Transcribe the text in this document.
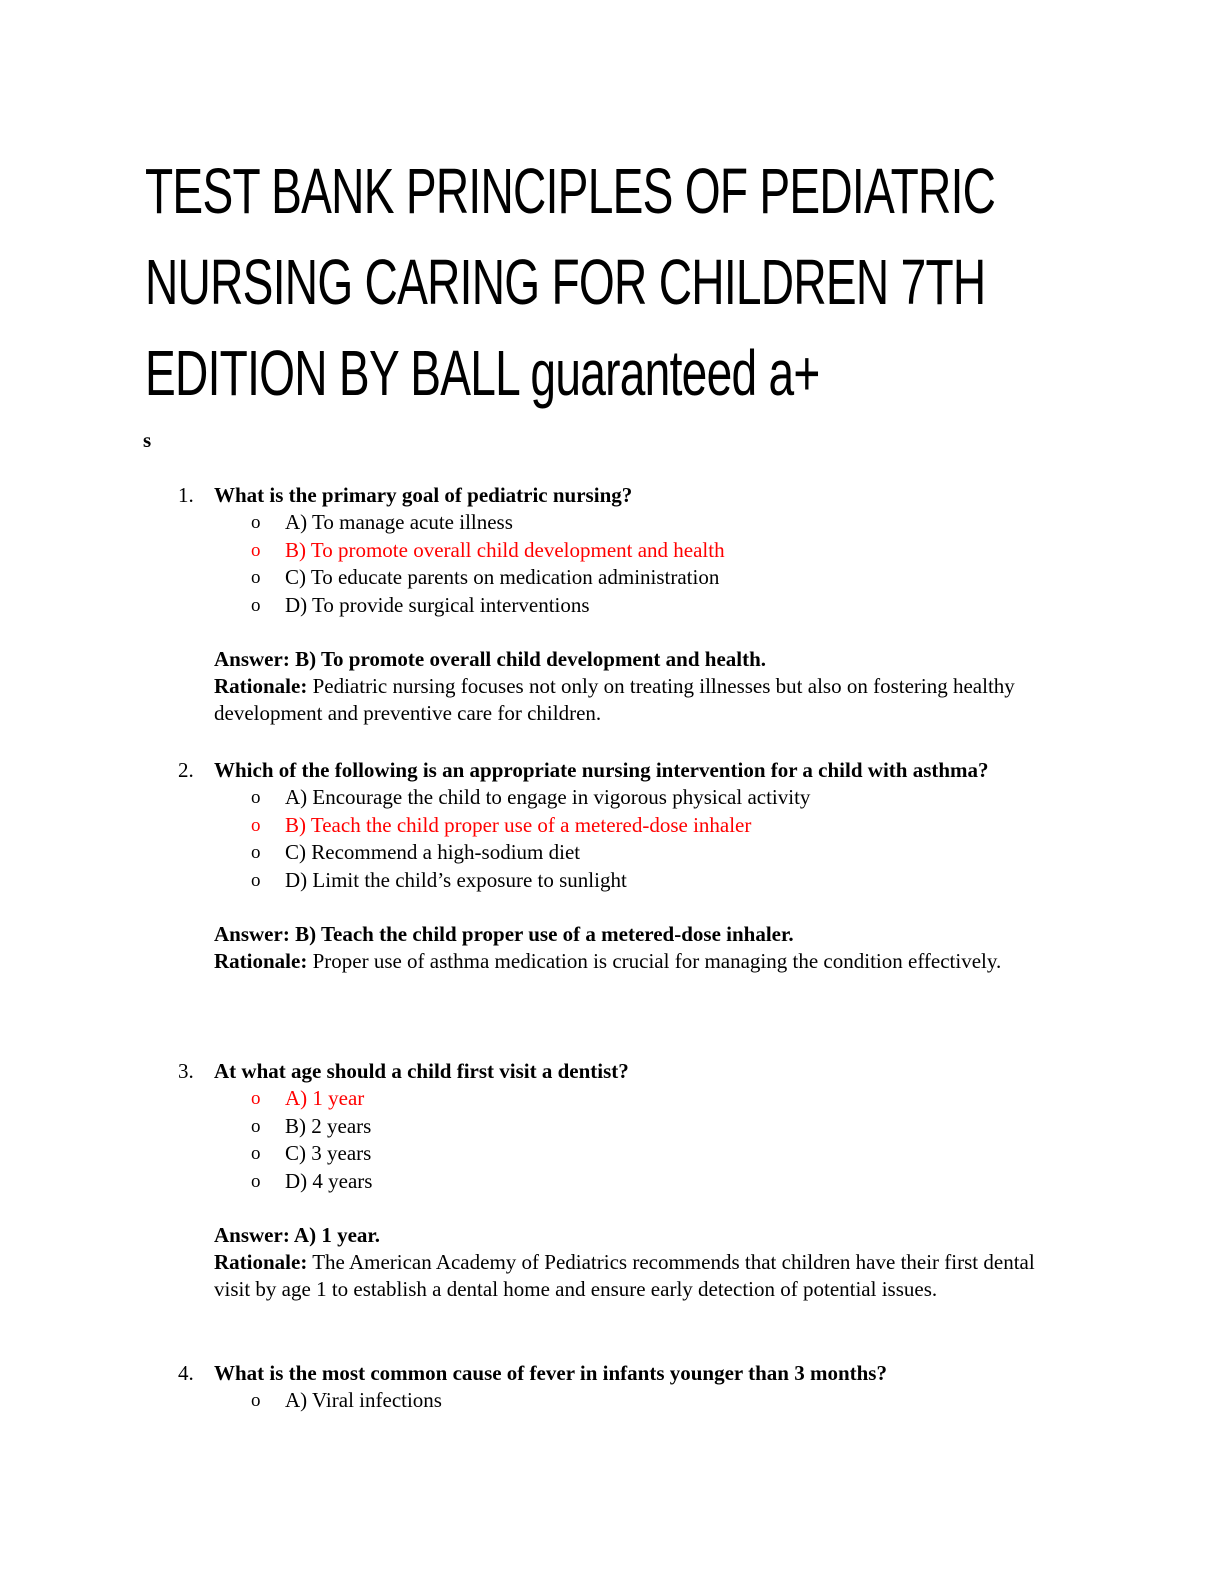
TEST BANK PRINCIPLES OF PEDIATRIC
NURSING CARING FOR CHILDREN 7TH
EDITION BY BALL guaranteed a+

s

1. What is the primary goal of pediatric nursing?
o A) To manage acute illness
o B) To promote overall child development and health
o C) To educate parents on medication administration
o D) To provide surgical interventions
Answer: B) To promote overall child development and health.
Rationale: Pediatric nursing focuses not only on treating illnesses but also on fostering healthy development and preventive care for children.
2. Which of the following is an appropriate nursing intervention for a child with asthma?
o A) Encourage the child to engage in vigorous physical activity
o B) Teach the child proper use of a metered-dose inhaler
o C) Recommend a high-sodium diet
o D) Limit the child’s exposure to sunlight
Answer: B) Teach the child proper use of a metered-dose inhaler.
Rationale: Proper use of asthma medication is crucial for managing the condition effectively.
3. At what age should a child first visit a dentist?
o A) 1 year
o B) 2 years
o C) 3 years
o D) 4 years
Answer: A) 1 year.
Rationale: The American Academy of Pediatrics recommends that children have their first dental visit by age 1 to establish a dental home and ensure early detection of potential issues.
4. What is the most common cause of fever in infants younger than 3 months?
o A) Viral infections
